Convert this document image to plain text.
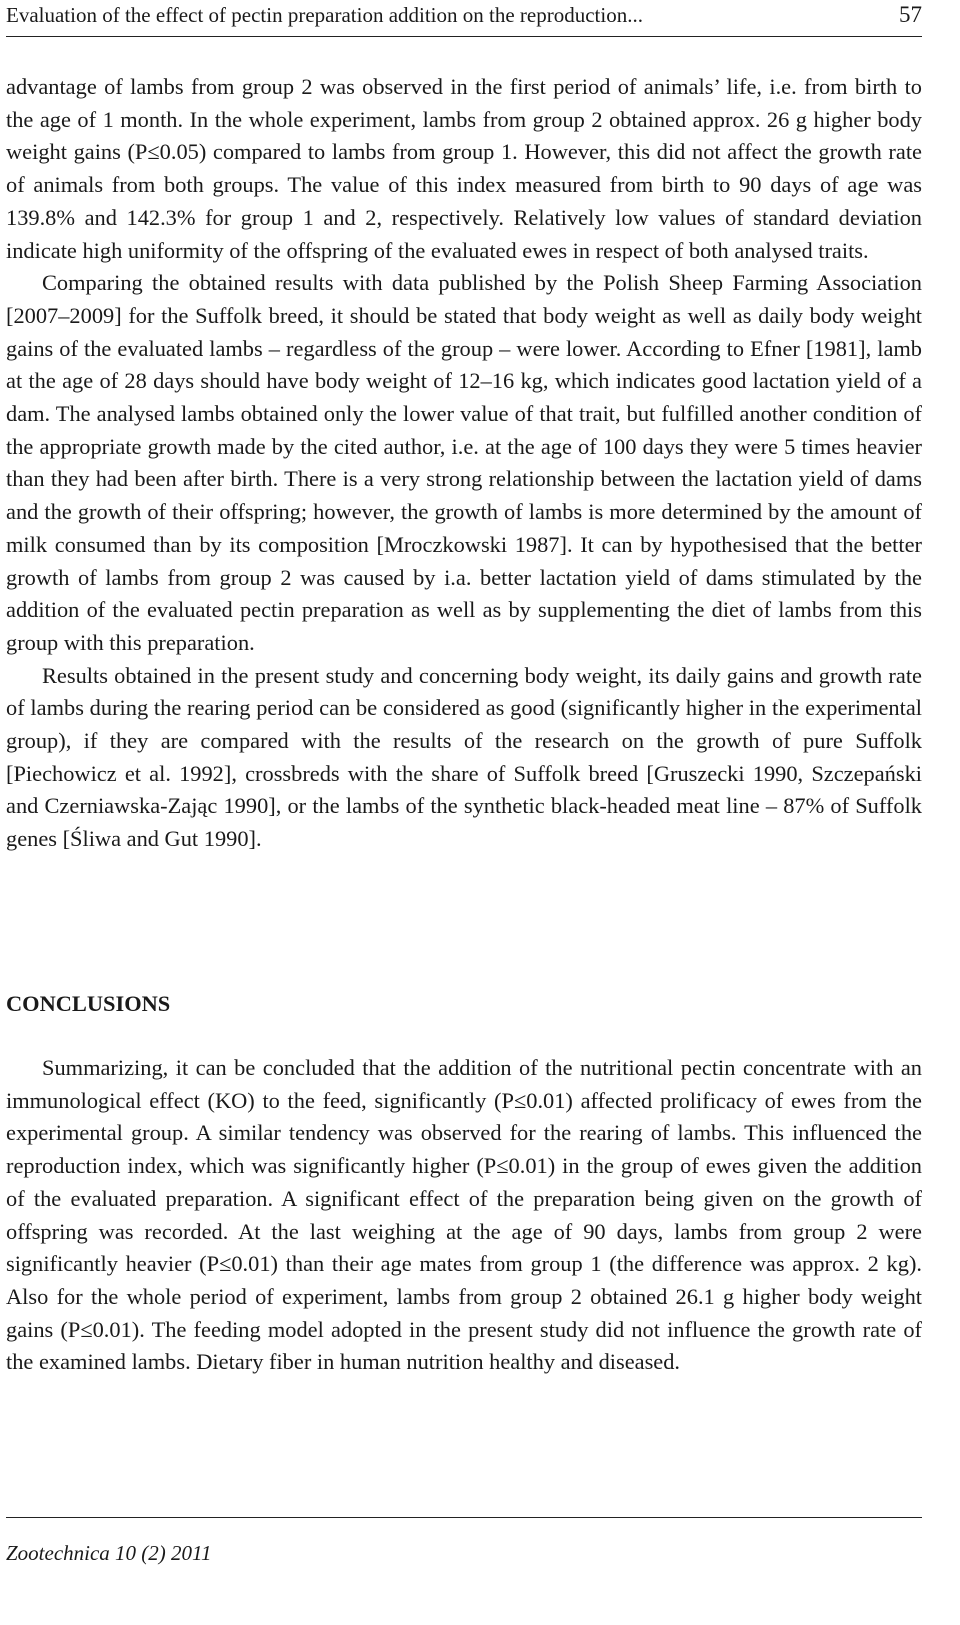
Evaluation of the effect of pectin preparation addition on the reproduction...	57

advantage of lambs from group 2 was observed in the first period of animals’ life, i.e. from birth to the age of 1 month. In the whole experiment, lambs from group 2 obtained approx. 26 g higher body weight gains (P≤0.05) compared to lambs from group 1. However, this did not affect the growth rate of animals from both groups. The value of this index measured from birth to 90 days of age was 139.8% and 142.3% for group 1 and 2, respectively. Relatively low values of standard deviation indicate high uniformity of the offspring of the evaluated ewes in respect of both analysed traits.

Comparing the obtained results with data published by the Polish Sheep Farming Association [2007–2009] for the Suffolk breed, it should be stated that body weight as well as daily body weight gains of the evaluated lambs – regardless of the group – were lower. According to Efner [1981], lamb at the age of 28 days should have body weight of 12–16 kg, which indicates good lactation yield of a dam. The analysed lambs obtained only the lower value of that trait, but fulfilled another condition of the appropriate growth made by the cited author, i.e. at the age of 100 days they were 5 times heavier than they had been after birth. There is a very strong relationship between the lactation yield of dams and the growth of their offspring; however, the growth of lambs is more determined by the amount of milk consumed than by its composition [Mroczkowski 1987]. It can by hypothesised that the better growth of lambs from group 2 was caused by i.a. better lactation yield of dams stimulated by the addition of the evaluated pectin preparation as well as by supplementing the diet of lambs from this group with this preparation.

Results obtained in the present study and concerning body weight, its daily gains and growth rate of lambs during the rearing period can be considered as good (significantly higher in the experimental group), if they are compared with the results of the research on the growth of pure Suffolk [Piechowicz et al. 1992], crossbreds with the share of Suffolk breed [Gruszecki 1990, Szczepański and Czerniawska-Zając 1990], or the lambs of the synthetic black-headed meat line – 87% of Suffolk genes [Śliwa and Gut 1990].

CONCLUSIONS

Summarizing, it can be concluded that the addition of the nutritional pectin concentrate with an immunological effect (KO) to the feed, significantly (P≤0.01) affected prolificacy of ewes from the experimental group. A similar tendency was observed for the rearing of lambs. This influenced the reproduction index, which was significantly higher (P≤0.01) in the group of ewes given the addition of the evaluated preparation. A significant effect of the preparation being given on the growth of offspring was recorded. At the last weighing at the age of 90 days, lambs from group 2 were significantly heavier (P≤0.01) than their age mates from group 1 (the difference was approx. 2 kg). Also for the whole period of experiment, lambs from group 2 obtained 26.1 g higher body weight gains (P≤0.01). The feeding model adopted in the present study did not influence the growth rate of the examined lambs. Dietary fiber in human nutrition healthy and diseased.

Zootechnica 10 (2) 2011
